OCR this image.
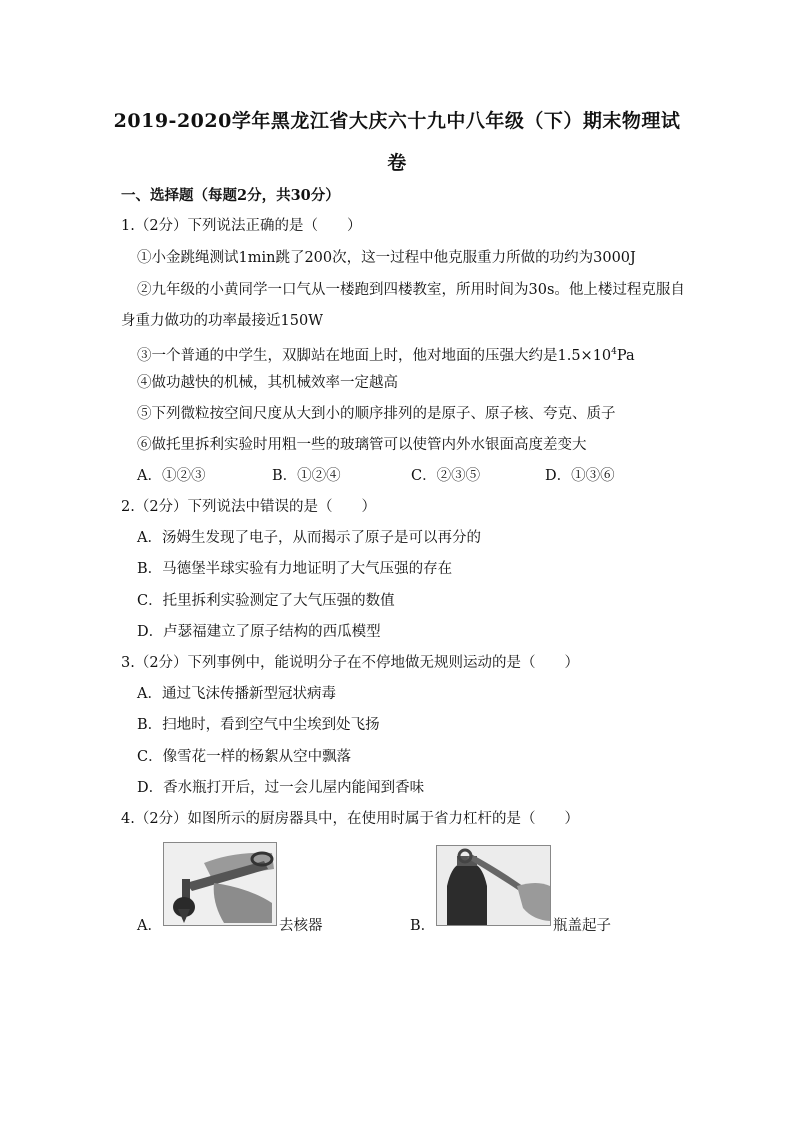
2019-2020学年黑龙江省大庆六十九中八年级（下）期末物理试
卷
一、选择题（每题2分，共30分）
1.（2分）下列说法正确的是（　　）
①小金跳绳测试1min跳了200次，这一过程中他克服重力所做的功约为3000J
②九年级的小黄同学一口气从一楼跑到四楼教室，所用时间为30s。他上楼过程克服自
身重力做功的功率最接近150W
③一个普通的中学生，双脚站在地面上时，他对地面的压强大约是$1.5\times 10^4Pa$
④做功越快的机械，其机械效率一定越高
⑤下列微粒按空间尺度从大到小的顺序排列的是原子、原子核、夸克、质子
⑥做托里拆利实验时用粗一些的玻璃管可以使管内外水银面高度差变大
A．①②③	B．①②④	C．②③⑤	D．①③⑥
2.（2分）下列说法中错误的是（　　）
A．汤姆生发现了电子，从而揭示了原子是可以再分的
B．马德堡半球实验有力地证明了大气压强的存在
C．托里拆利实验测定了大气压强的数值
D．卢瑟福建立了原子结构的西瓜模型
3.（2分）下列事例中，能说明分子在不停地做无规则运动的是（　　）
A．通过飞沫传播新型冠状病毒
B．扫地时，看到空气中尘埃到处飞扬
C．像雪花一样的杨絮从空中飘落
D．香水瓶打开后，过一会儿屋内能闻到香味
4.（2分）如图所示的厨房器具中，在使用时属于省力杠杆的是（　　）
A．	去核器	B．	瓶盖起子
